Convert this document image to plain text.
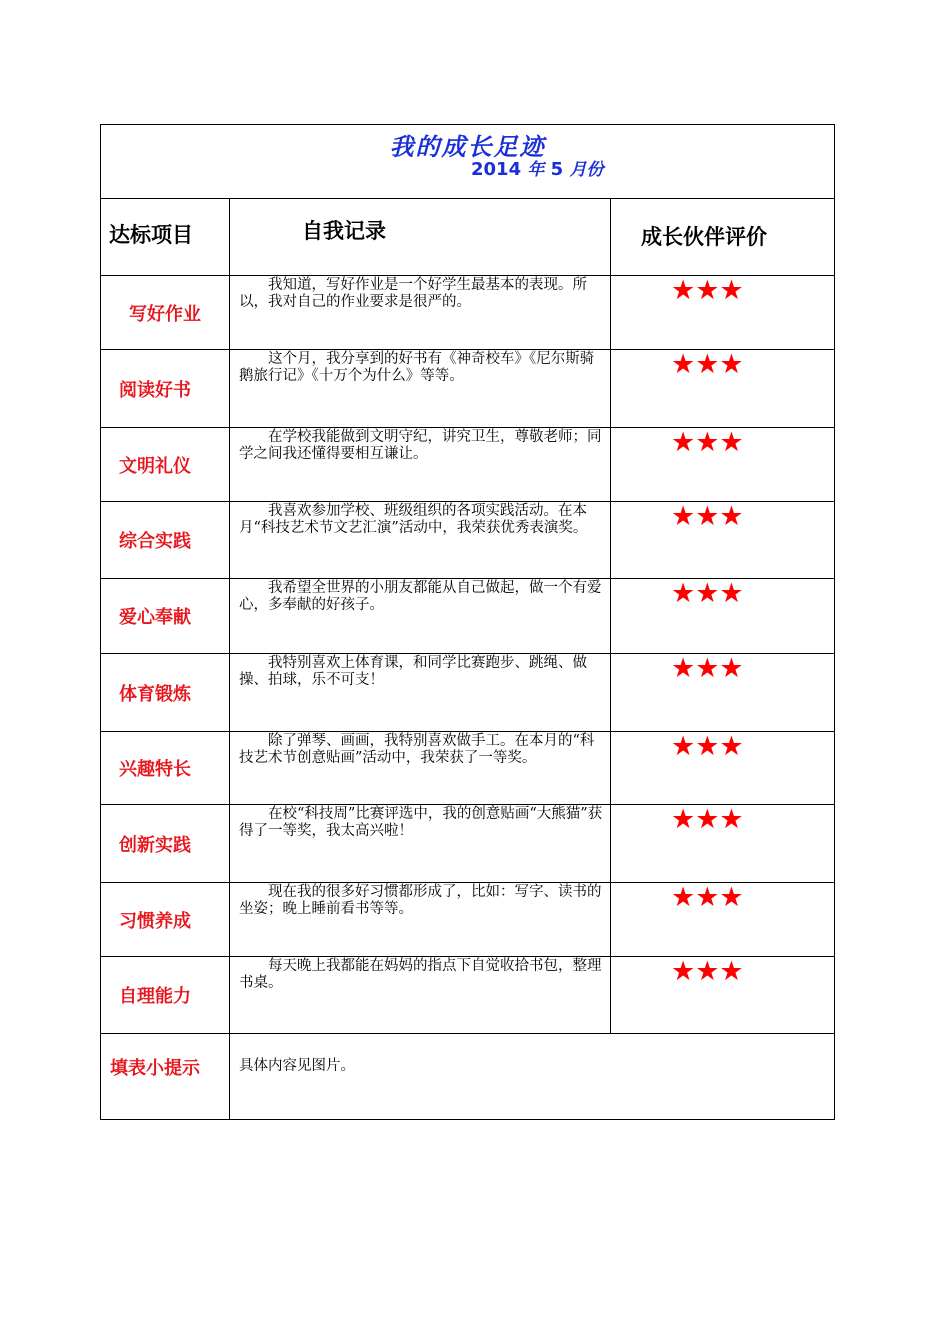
我的成长足迹
2014 年 5 月份		

达标项目	自我记录	成长伙伴评价
写好作业	我知道，写好作业是一个好学生最基本的表现。所以，我对自己的作业要求是很严的。	★★★
阅读好书	这个月，我分享到的好书有《神奇校车》《尼尔斯骑鹅旅行记》《十万个为什么》等等。	★★★
文明礼仪	在学校我能做到文明守纪，讲究卫生，尊敬老师；同学之间我还懂得要相互谦让。	★★★
综合实践	我喜欢参加学校、班级组织的各项实践活动。在本月“科技艺术节文艺汇演”活动中，我荣获优秀表演奖。	★★★
爱心奉献	我希望全世界的小朋友都能从自己做起，做一个有爱心，多奉献的好孩子。	★★★
体育锻炼	我特别喜欢上体育课，和同学比赛跑步、跳绳、做操、拍球，乐不可支！	★★★
兴趣特长	除了弹琴、画画，我特别喜欢做手工。在本月的“科技艺术节创意贴画”活动中，我荣获了一等奖。	★★★
创新实践	在校“科技周”比赛评选中，我的创意贴画“大熊猫”获得了一等奖，我太高兴啦！	★★★
习惯养成	现在我的很多好习惯都形成了，比如：写字、读书的坐姿；晚上睡前看书等等。	★★★
自理能力	每天晚上我都能在妈妈的指点下自觉收拾书包，整理书桌。	★★★
填表小提示	具体内容见图片。	
